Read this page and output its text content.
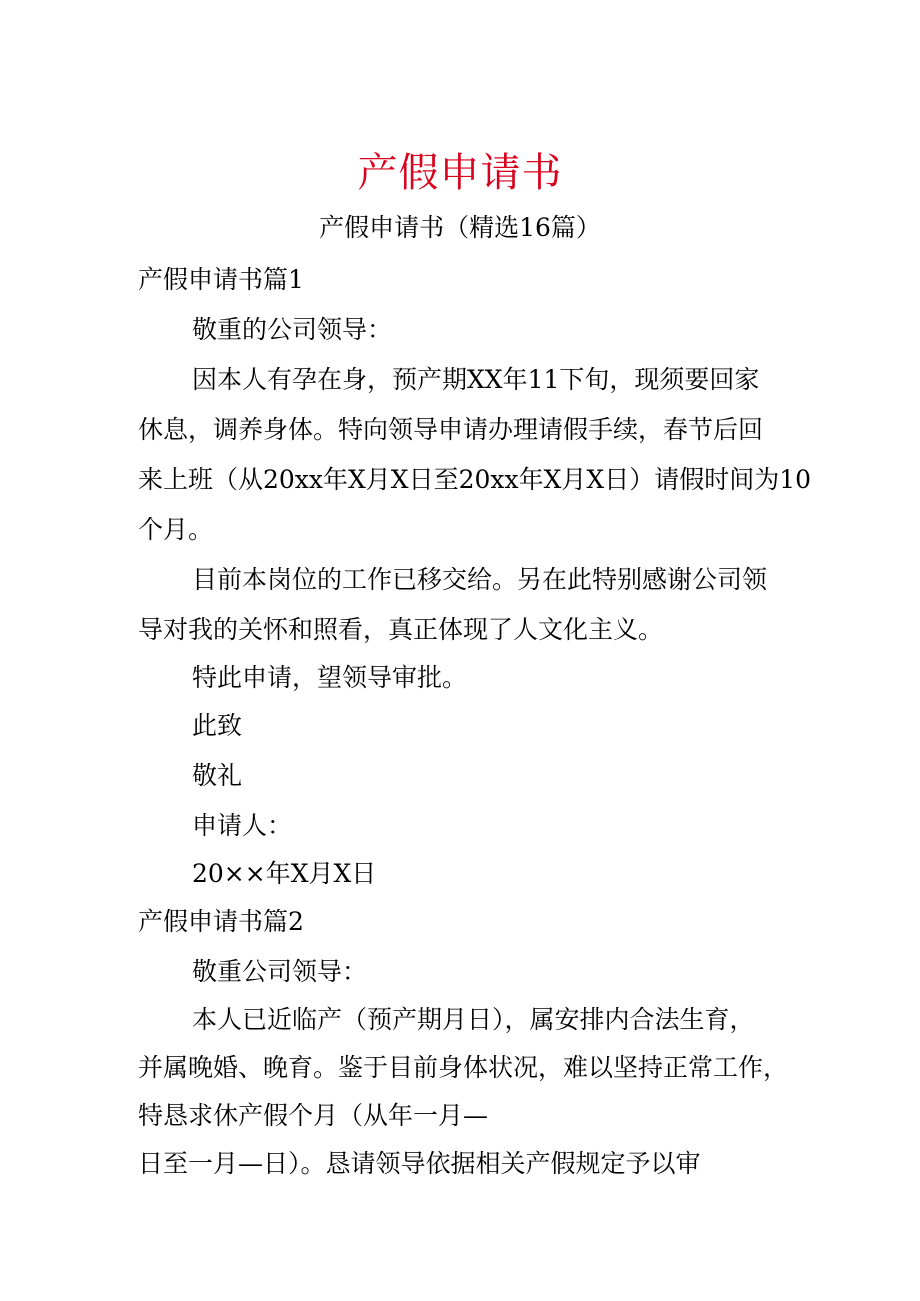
产假申请书
产假申请书（精选16篇）
产假申请书篇1
敬重的公司领导：
因本人有孕在身，预产期XX年11下旬，现须要回家
休息，调养身体。特向领导申请办理请假手续，春节后回
来上班（从20xx年X月X日至20xx年X月X日）请假时间为10
个月。
目前本岗位的工作已移交给。另在此特别感谢公司领
导对我的关怀和照看，真正体现了人文化主义。
特此申请，望领导审批。
此致
敬礼
申请人：
20××年X月X日
产假申请书篇2
敬重公司领导：
本人已近临产（预产期月日），属安排内合法生育，
并属晚婚、晚育。鉴于目前身体状况，难以坚持正常工作，
特恳求休产假个月（从年一月—
日至一月—日）。恳请领导依据相关产假规定予以审
